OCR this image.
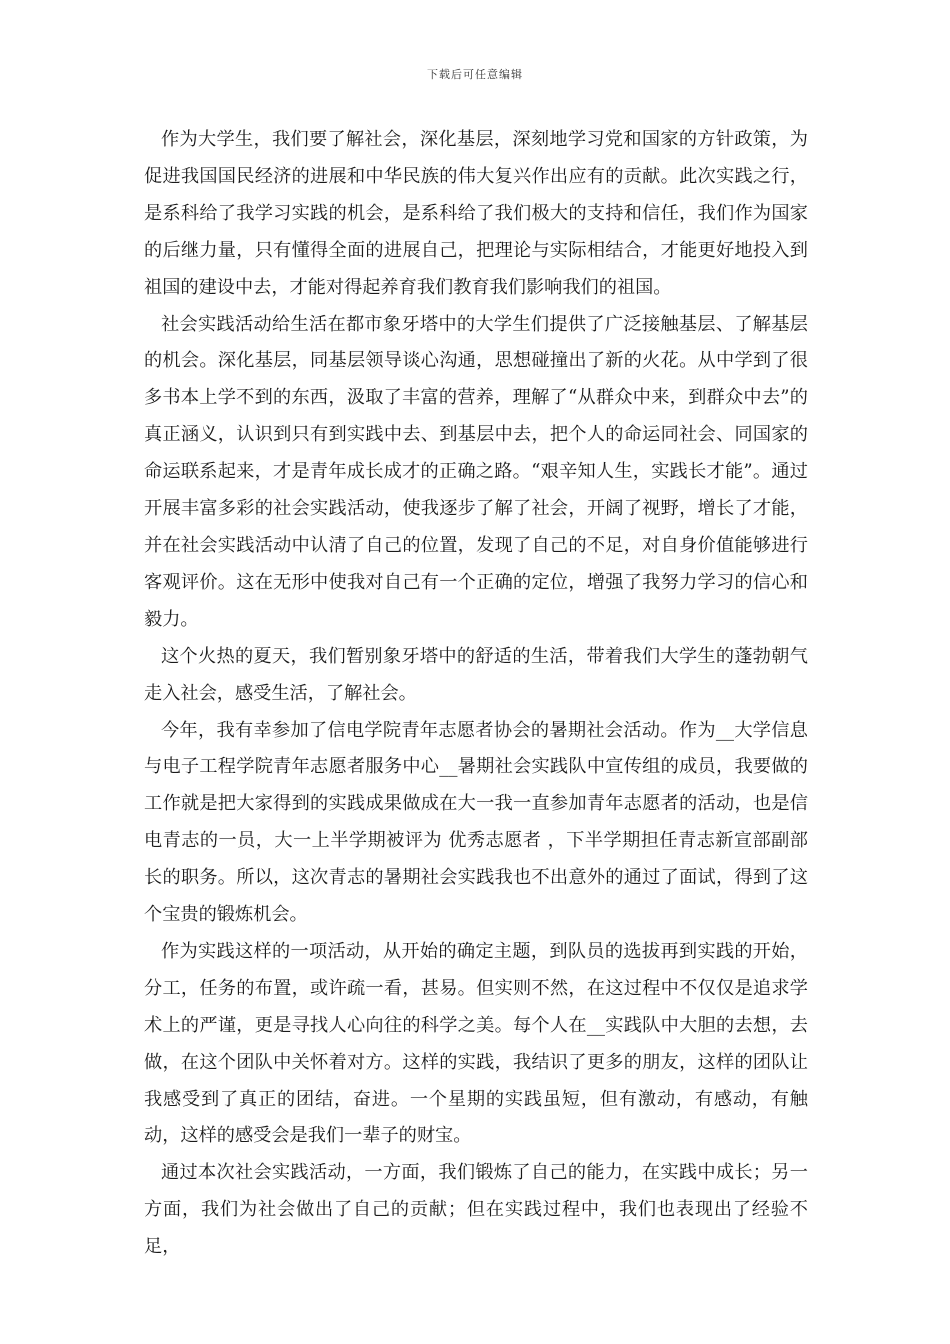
下载后可任意编辑

作为大学生，我们要了解社会，深化基层，深刻地学习党和国家的方针政策，为促进我国国民经济的进展和中华民族的伟大复兴作出应有的贡献。此次实践之行，是系科给了我学习实践的机会，是系科给了我们极大的支持和信任，我们作为国家的后继力量，只有懂得全面的进展自己，把理论与实际相结合，才能更好地投入到祖国的建设中去，才能对得起养育我们教育我们影响我们的祖国。

社会实践活动给生活在都市象牙塔中的大学生们提供了广泛接触基层、了解基层的机会。深化基层，同基层领导谈心沟通，思想碰撞出了新的火花。从中学到了很多书本上学不到的东西，汲取了丰富的营养，理解了“从群众中来，到群众中去”的真正涵义，认识到只有到实践中去、到基层中去，把个人的命运同社会、同国家的命运联系起来，才是青年成长成才的正确之路。“艰辛知人生，实践长才能”。通过开展丰富多彩的社会实践活动，使我逐步了解了社会，开阔了视野，增长了才能，并在社会实践活动中认清了自己的位置，发现了自己的不足，对自身价值能够进行客观评价。这在无形中使我对自己有一个正确的定位，增强了我努力学习的信心和毅力。

这个火热的夏天，我们暂别象牙塔中的舒适的生活，带着我们大学生的蓬勃朝气走入社会，感受生活，了解社会。

今年，我有幸参加了信电学院青年志愿者协会的暑期社会活动。作为__大学信息与电子工程学院青年志愿者服务中心__暑期社会实践队中宣传组的成员，我要做的工作就是把大家得到的实践成果做成在大一我一直参加青年志愿者的活动，也是信电青志的一员，大一上半学期被评为 优秀志愿者 ，下半学期担任青志新宣部副部长的职务。所以，这次青志的暑期社会实践我也不出意外的通过了面试，得到了这个宝贵的锻炼机会。

作为实践这样的一项活动，从开始的确定主题，到队员的选拔再到实践的开始，分工，任务的布置，或许疏一看，甚易。但实则不然，在这过程中不仅仅是追求学术上的严谨，更是寻找人心向往的科学之美。每个人在__实践队中大胆的去想，去做，在这个团队中关怀着对方。这样的实践，我结识了更多的朋友，这样的团队让我感受到了真正的团结，奋进。一个星期的实践虽短，但有激动，有感动，有触动，这样的感受会是我们一辈子的财宝。

通过本次社会实践活动，一方面，我们锻炼了自己的能力，在实践中成长；另一方面，我们为社会做出了自己的贡献；但在实践过程中，我们也表现出了经验不足，
